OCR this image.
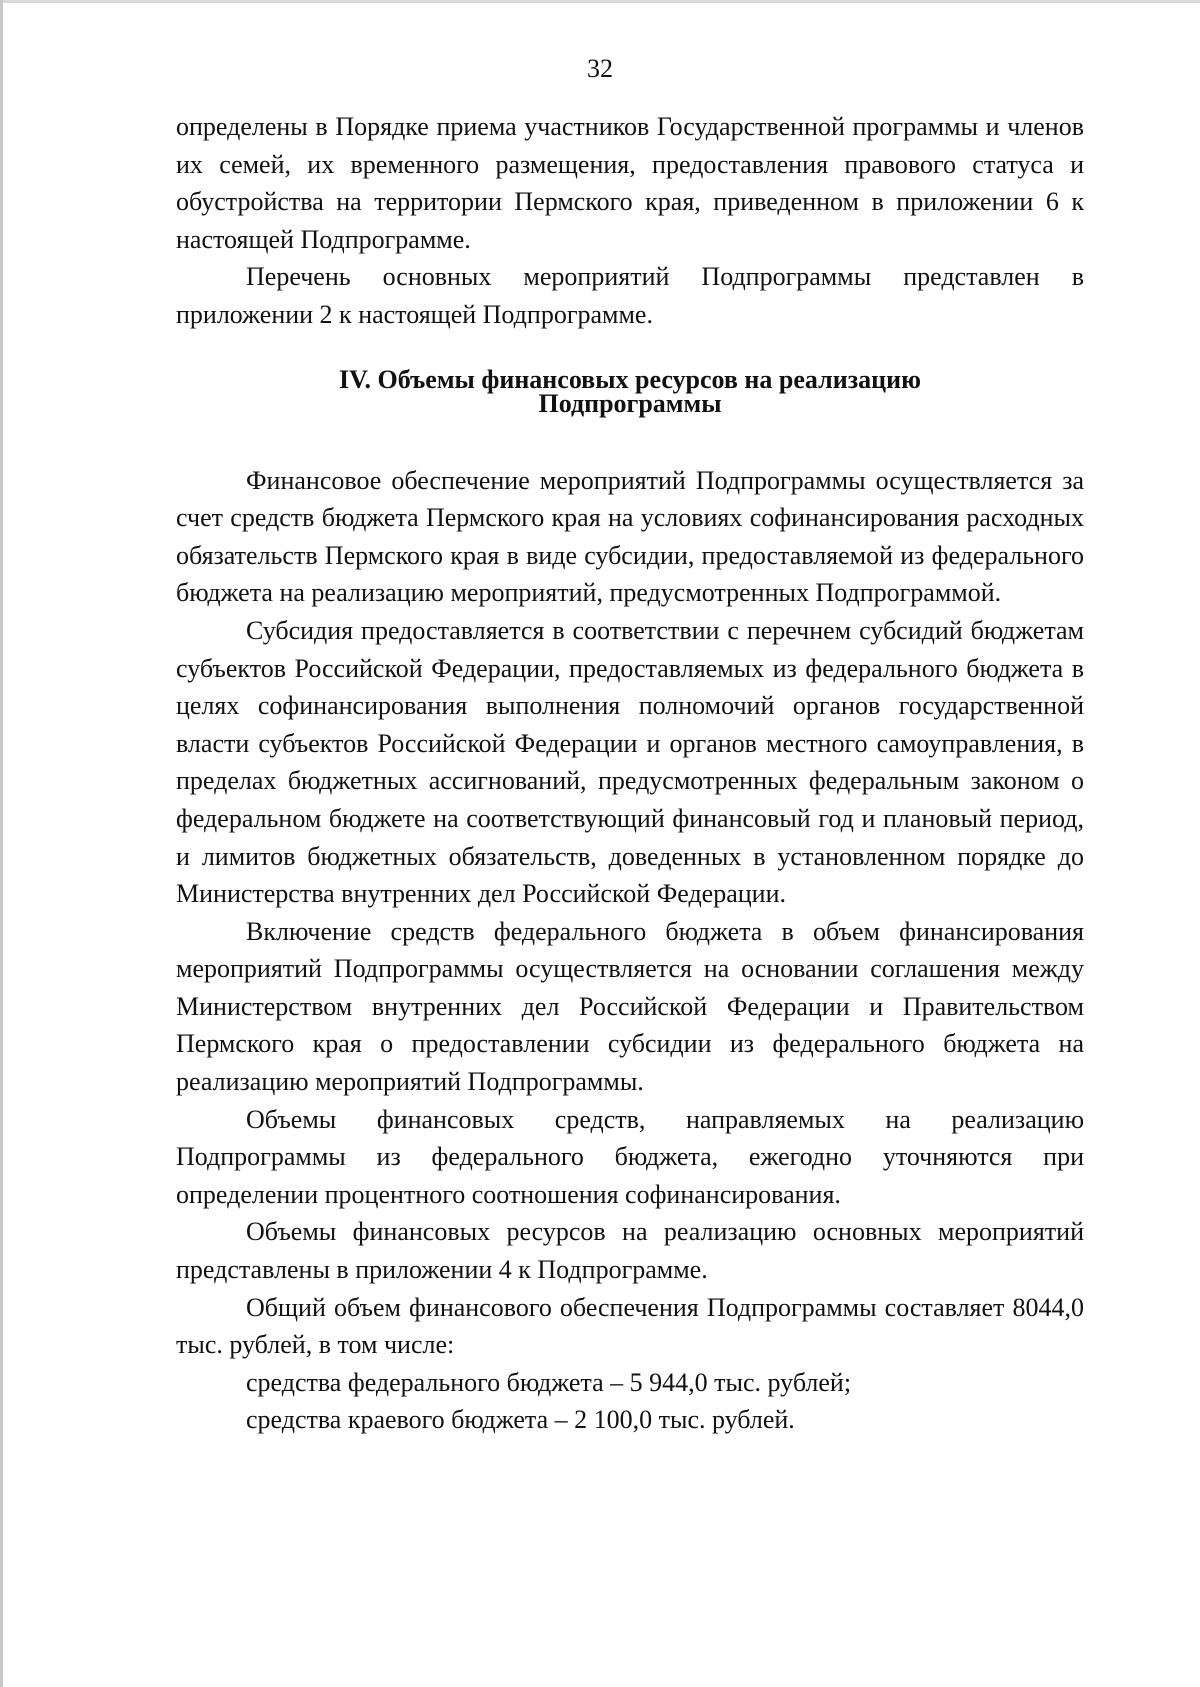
32

определены в Порядке приема участников Государственной программы и членов их семей, их временного размещения, предоставления правового статуса и обустройства на территории Пермского края, приведенном в приложении 6 к настоящей Подпрограмме.

Перечень основных мероприятий Подпрограммы представлен в приложении 2 к настоящей Подпрограмме.

IV. Объемы финансовых ресурсов на реализацию
Подпрограммы

Финансовое обеспечение мероприятий Подпрограммы осуществляется за счет средств бюджета Пермского края на условиях софинансирования расходных обязательств Пермского края в виде субсидии, предоставляемой из федерального бюджета на реализацию мероприятий, предусмотренных Подпрограммой.

Субсидия предоставляется в соответствии с перечнем субсидий бюджетам субъектов Российской Федерации, предоставляемых из федерального бюджета в целях софинансирования выполнения полномочий органов государственной власти субъектов Российской Федерации и органов местного самоуправления, в пределах бюджетных ассигнований, предусмотренных федеральным законом о федеральном бюджете на соответствующий финансовый год и плановый период, и лимитов бюджетных обязательств, доведенных в установленном порядке до Министерства внутренних дел Российской Федерации.

Включение средств федерального бюджета в объем финансирования мероприятий Подпрограммы осуществляется на основании соглашения между Министерством внутренних дел Российской Федерации и Правительством Пермского края о предоставлении субсидии из федерального бюджета на реализацию мероприятий Подпрограммы.

Объемы финансовых средств, направляемых на реализацию Подпрограммы из федерального бюджета, ежегодно уточняются при определении процентного соотношения софинансирования.

Объемы финансовых ресурсов на реализацию основных мероприятий представлены в приложении 4 к Подпрограмме.

Общий объем финансового обеспечения Подпрограммы составляет 8044,0 тыс. рублей, в том числе:

средства федерального бюджета – 5 944,0 тыс. рублей;

средства краевого бюджета – 2 100,0 тыс. рублей.
